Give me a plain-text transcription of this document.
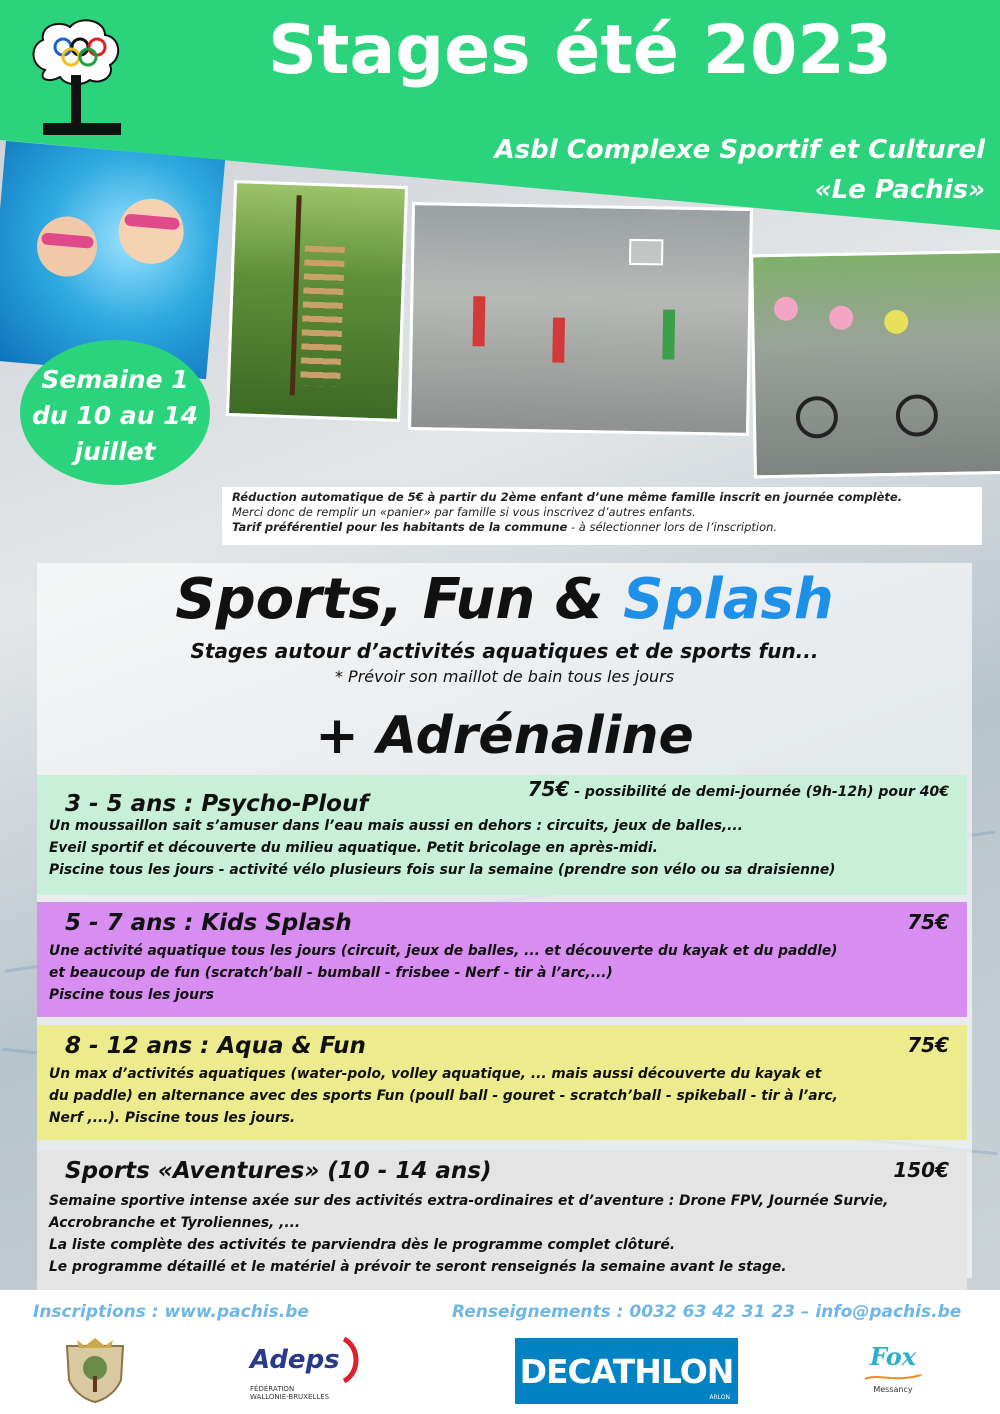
Stages été 2023
Asbl Complexe Sportif et Culturel
«Le Pachis»
Semaine 1
du 10 au 14
juillet
Réduction automatique de 5€ à partir du 2ème enfant d’une même famille inscrit en journée complète.
Merci donc de remplir un «panier» par famille si vous inscrivez d’autres enfants.
Tarif préférentiel pour les habitants de la commune - à sélectionner lors de l’inscription.
Sports, Fun & Splash
Stages autour d’activités aquatiques et de sports fun...
* Prévoir son maillot de bain tous les jours
+ Adrénaline
3 - 5 ans : Psycho-Plouf
75€ - possibilité de demi-journée (9h-12h) pour 40€
Un moussaillon sait s’amuser dans l’eau mais aussi en dehors : circuits, jeux de balles,...
Eveil sportif et découverte du milieu aquatique. Petit bricolage en après-midi.
Piscine tous les jours - activité vélo plusieurs fois sur la semaine (prendre son vélo ou sa draisienne)
5 - 7 ans : Kids Splash	75€
Une activité aquatique tous les jours (circuit, jeux de balles, ... et découverte du kayak et du paddle)
et beaucoup de fun (scratch’ball - bumball - frisbee - Nerf - tir à l’arc,...)
Piscine tous les jours
8 - 12 ans : Aqua & Fun	75€
Un max d’activités aquatiques (water-polo, volley aquatique, ... mais aussi découverte du kayak et
du paddle) en alternance avec des sports Fun (poull ball - gouret - scratch’ball - spikeball - tir à l’arc,
Nerf ,...). Piscine tous les jours.
Sports «Aventures» (10 - 14 ans)	150€
Semaine sportive intense axée sur des activités extra-ordinaires et d’aventure : Drone FPV, Journée Survie,
Accrobranche et Tyroliennes, ,...
La liste complète des activités te parviendra dès le programme complet clôturé.
Le programme détaillé et le matériel à prévoir te seront renseignés la semaine avant le stage.
Inscriptions : www.pachis.be	Renseignements : 0032 63 42 31 23 – info@pachis.be
Adeps
FÉDÉRATION
WALLONIE-BRUXELLES
DECATHLON
ARLON
Fox
Messancy
